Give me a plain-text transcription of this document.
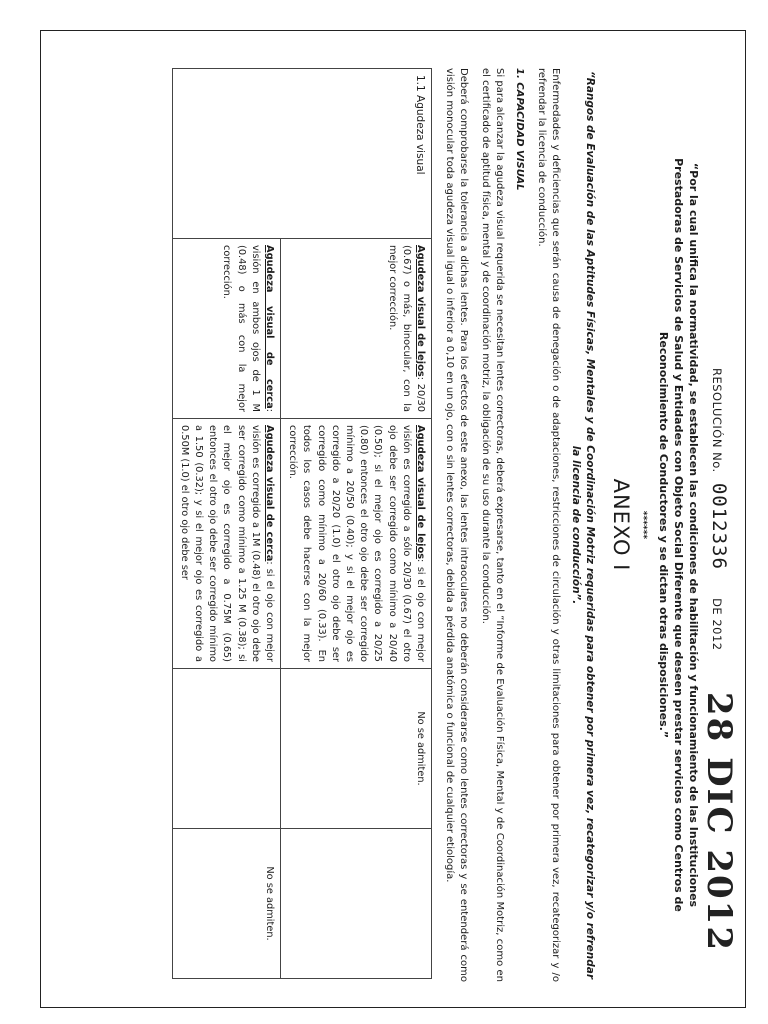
RESOLUCIÓN No. 0012336 DE 2012
28 DIC 2012
“Por la cual unifica la normatividad, se establecen las condiciones de habilitación y funcionamiento de las Instituciones Prestadoras de Servicios de Salud y Entidades con Objeto Social Diferente que deseen prestar servicios como Centros de Reconocimiento de Conductores y se dictan otras disposiciones.”
******
ANEXO I
“Rangos de Evaluación de las Aptitudes Físicas, Mentales y de Coordinación Motriz requeridas para obtener por primera vez, recategorizar y/o refrendar la licencia de conducción”.

Enfermedades y deficiencias que serán causa de denegación o de adaptaciones, restricciones de circulación y otras limitaciones para obtener por primera vez, recategorizar y /o refrendar la licencia de conducción.

1. CAPACIDAD VISUAL

Si para alcanzar la agudeza visual requerida se necesitan lentes correctoras, deberá expresarse, tanto en el “Informe de Evaluación Física, Mental y de Coordinación Motriz, como en el certificado de aptitud física, mental y de coordinación motriz, la obligación de su uso durante la conducción.

Deberá comprobarse la tolerancia a dichas lentes. Para los efectos de este anexo, las lentes intraoculares no deberán considerarse como lentes correctoras y se entenderá como visión monocular toda agudeza visual igual o inferior a 0,10 en un ojo, con o sin lentes correctoras, debida a pérdida anatómica o funcional de cualquier etiología.

1.1 Agudeza visual	Agudeza visual de lejos: 20/30 (0.67) o más, binocular, con la mejor corrección.	Agudeza visual de lejos: si el ojo con mejor visión es corregido a sólo 20/30 (0.67) el otro ojo debe ser corregido como mínimo a 20/40 (0.50); si el mejor ojo es corregido a 20/25 (0.80) entonces el otro ojo debe ser corregido mínimo a 20/50 (0.40); y si el mejor ojo es corregido a 20/20 (1.0) el otro ojo debe ser corregido como mínimo a 20/60 (0.33). En todos los casos debe hacerse con la mejor corrección.	No se admiten.	
	Agudeza visual de cerca: visión en ambos ojos de 1 M (0.48) o más con la mejor corrección.	Agudeza visual de cerca: si el ojo con mejor visión es corregido a 1M (0.48) el otro ojo debe ser corregido como mínimo a 1.25 M (0.38); si el mejor ojo es corregido a 0.75M (0.65) entonces el otro ojo debe ser corregido mínimo a 1.50 (0.32); y si el mejor ojo es corregido a 0.50M (1.0) el otro ojo debe ser		No se admiten.
